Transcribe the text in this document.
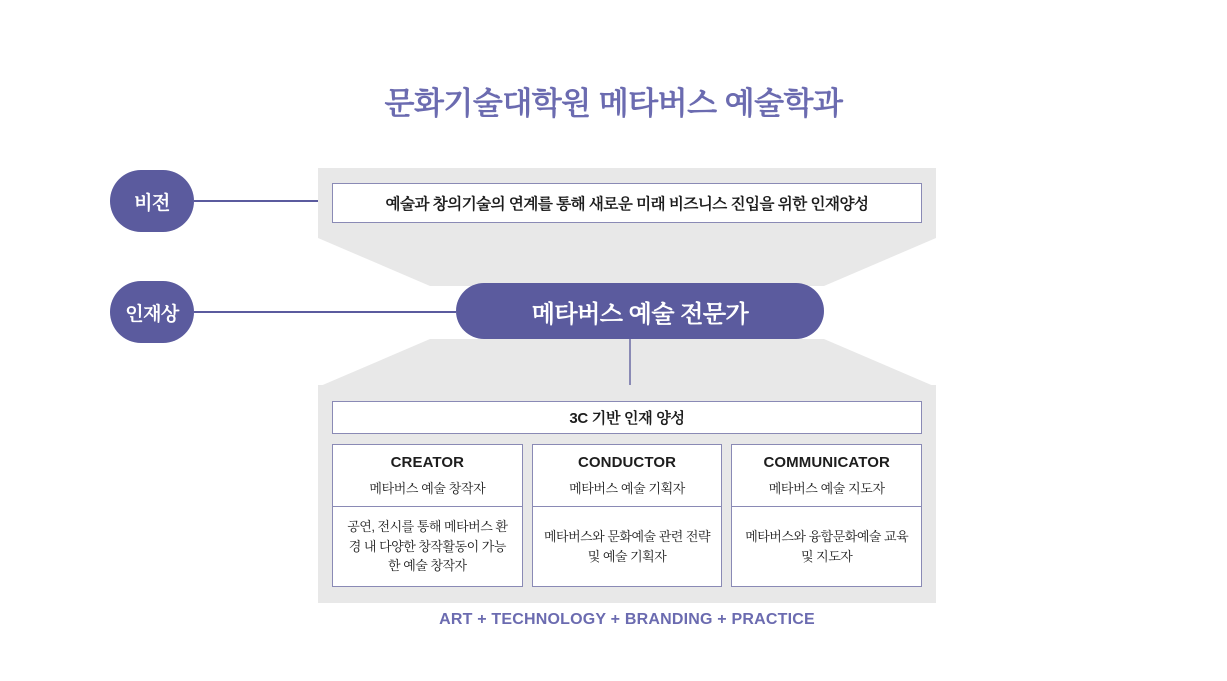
문화기술대학원 메타버스 예술학과
비전
인재상
예술과 창의기술의 연계를 통해 새로운 미래 비즈니스 진입을 위한 인재양성
메타버스 예술 전문가
3C 기반 인재 양성
CREATOR
메타버스 예술 창작자
공연, 전시를 통해 메타버스 환경 내 다양한 창작활동이 가능한 예술 창작자
CONDUCTOR
메타버스 예술 기획자
메타버스와 문화예술 관련 전략 및 예술 기획자
COMMUNICATOR
메타버스 예술 지도자
메타버스와 융합문화예술 교육 및 지도자
ART + TECHNOLOGY + BRANDING + PRACTICE
